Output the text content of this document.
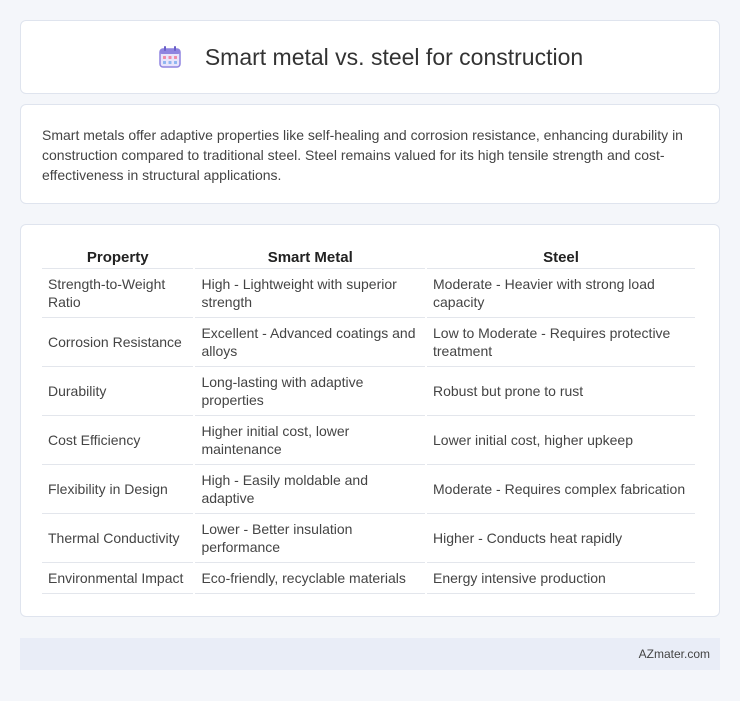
Smart metal vs. steel for construction

Smart metals offer adaptive properties like self-healing and corrosion resistance, enhancing durability in construction compared to traditional steel. Steel remains valued for its high tensile strength and cost-effectiveness in structural applications.

Property	Smart Metal	Steel
Strength-to-Weight Ratio	High - Lightweight with superior strength	Moderate - Heavier with strong load capacity
Corrosion Resistance	Excellent - Advanced coatings and alloys	Low to Moderate - Requires protective treatment
Durability	Long-lasting with adaptive properties	Robust but prone to rust
Cost Efficiency	Higher initial cost, lower maintenance	Lower initial cost, higher upkeep
Flexibility in Design	High - Easily moldable and adaptive	Moderate - Requires complex fabrication
Thermal Conductivity	Lower - Better insulation performance	Higher - Conducts heat rapidly
Environmental Impact	Eco-friendly, recyclable materials	Energy intensive production
AZmater.com
